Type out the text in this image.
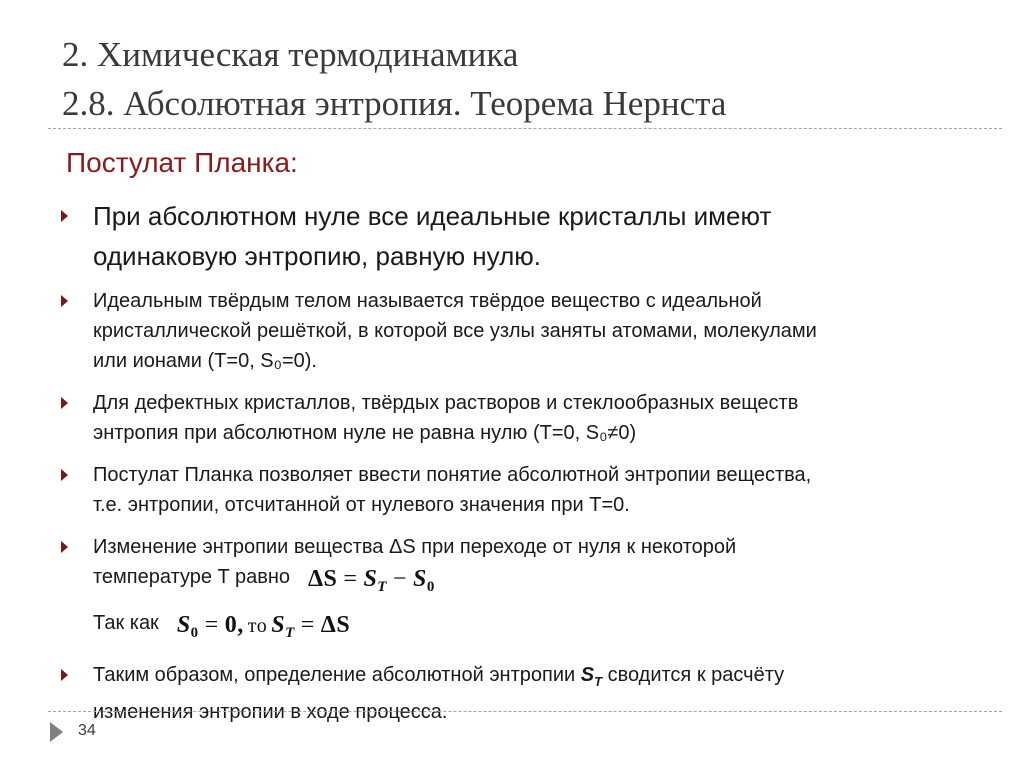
2. Химическая термодинамика
2.8. Абсолютная энтропия. Теорема Нернста
Постулат Планка:
При абсолютном нуле все идеальные кристаллы имеют
одинаковую энтропию, равную нулю.
Идеальным твёрдым телом называется твёрдое вещество с идеальной
кристаллической решёткой, в которой все узлы заняты атомами, молекулами
или ионами (T=0, S₀=0).
Для дефектных кристаллов, твёрдых растворов и стеклообразных веществ
энтропия при абсолютном нуле не равна нулю (T=0, S₀≠0)
Постулат Планка позволяет ввести понятие абсолютной энтропии вещества,
т.е. энтропии, отсчитанной от нулевого значения при T=0.
Изменение энтропии вещества ΔS при переходе от нуля к некоторой
температуре T равно $\Delta S = S_T - S_0$
Так как $S_0 = 0$, то $S_T = \Delta S$
Таким образом, определение абсолютной энтропии $S_T$ сводится к расчёту
изменения энтропии в ходе процесса.
34
